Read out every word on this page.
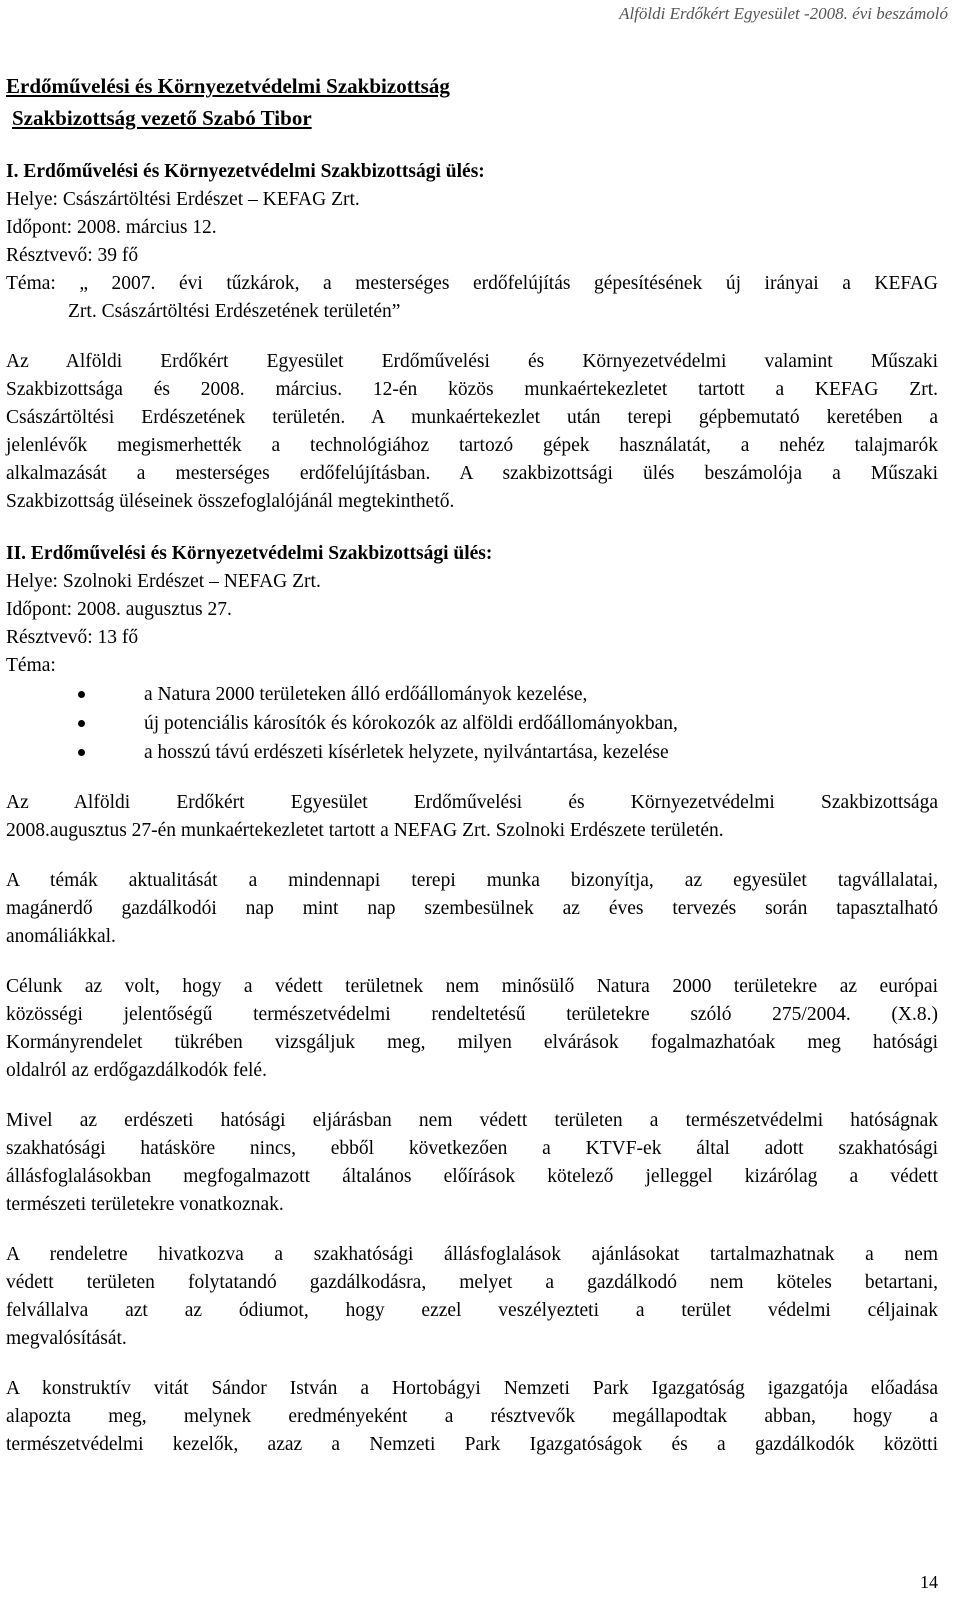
Alföldi Erdőkért Egyesület -2008. évi beszámoló

Erdőművelési és Környezetvédelmi Szakbizottság

Szakbizottság vezető Szabó Tibor

I. Erdőművelési és Környezetvédelmi Szakbizottsági ülés:

Helye: Császártöltési Erdészet – KEFAG Zrt.

Időpont: 2008. március 12.

Résztvevő: 39 fő

Téma: „ 2007. évi tűzkárok, a mesterséges erdőfelújítás gépesítésének új irányai a KEFAG

Zrt. Császártöltési Erdészetének területén”

Az Alföldi Erdőkért Egyesület Erdőművelési és Környezetvédelmi valamint Műszaki
Szakbizottsága és 2008. március. 12-én közös munkaértekezletet tartott a KEFAG Zrt.
Császártöltési Erdészetének területén. A munkaértekezlet után terepi gépbemutató keretében a
jelenlévők megismerhették a technológiához tartozó gépek használatát, a nehéz talajmarók
alkalmazását a mesterséges erdőfelújításban. A szakbizottsági ülés beszámolója a Műszaki

Szakbizottság üléseinek összefoglalójánál megtekinthető.

II. Erdőművelési és Környezetvédelmi Szakbizottsági ülés:

Helye: Szolnoki Erdészet – NEFAG Zrt.

Időpont: 2008. augusztus 27.

Résztvevő: 13 fő

Téma:

a Natura 2000 területeken álló erdőállományok kezelése,
új potenciális károsítók és kórokozók az alföldi erdőállományokban,
a hosszú távú erdészeti kísérletek helyzete, nyilvántartása, kezelése
Az Alföldi Erdőkért Egyesület Erdőművelési és Környezetvédelmi Szakbizottsága

2008.augusztus 27-én munkaértekezletet tartott a NEFAG Zrt. Szolnoki Erdészete területén.

A témák aktualitását a mindennapi terepi munka bizonyítja, az egyesület tagvállalatai,
magánerdő gazdálkodói nap mint nap szembesülnek az éves tervezés során tapasztalható

anomáliákkal.

Célunk az volt, hogy a védett területnek nem minősülő Natura 2000 területekre az európai
közösségi jelentőségű természetvédelmi rendeltetésű területekre szóló 275/2004. (X.8.)
Kormányrendelet tükrében vizsgáljuk meg, milyen elvárások fogalmazhatóak meg hatósági

oldalról az erdőgazdálkodók felé.

Mivel az erdészeti hatósági eljárásban nem védett területen a természetvédelmi hatóságnak
szakhatósági hatásköre nincs, ebből következően a KTVF-ek által adott szakhatósági
állásfoglalásokban megfogalmazott általános előírások kötelező jelleggel kizárólag a védett

természeti területekre vonatkoznak.

A rendeletre hivatkozva a szakhatósági állásfoglalások ajánlásokat tartalmazhatnak a nem
védett területen folytatandó gazdálkodásra, melyet a gazdálkodó nem köteles betartani,
felvállalva azt az ódiumot, hogy ezzel veszélyezteti a terület védelmi céljainak

megvalósítását.

A konstruktív vitát Sándor István a Hortobágyi Nemzeti Park Igazgatóság igazgatója előadása
alapozta meg, melynek eredményeként a résztvevők megállapodtak abban, hogy a
természetvédelmi kezelők, azaz a Nemzeti Park Igazgatóságok és a gazdálkodók közötti
14
